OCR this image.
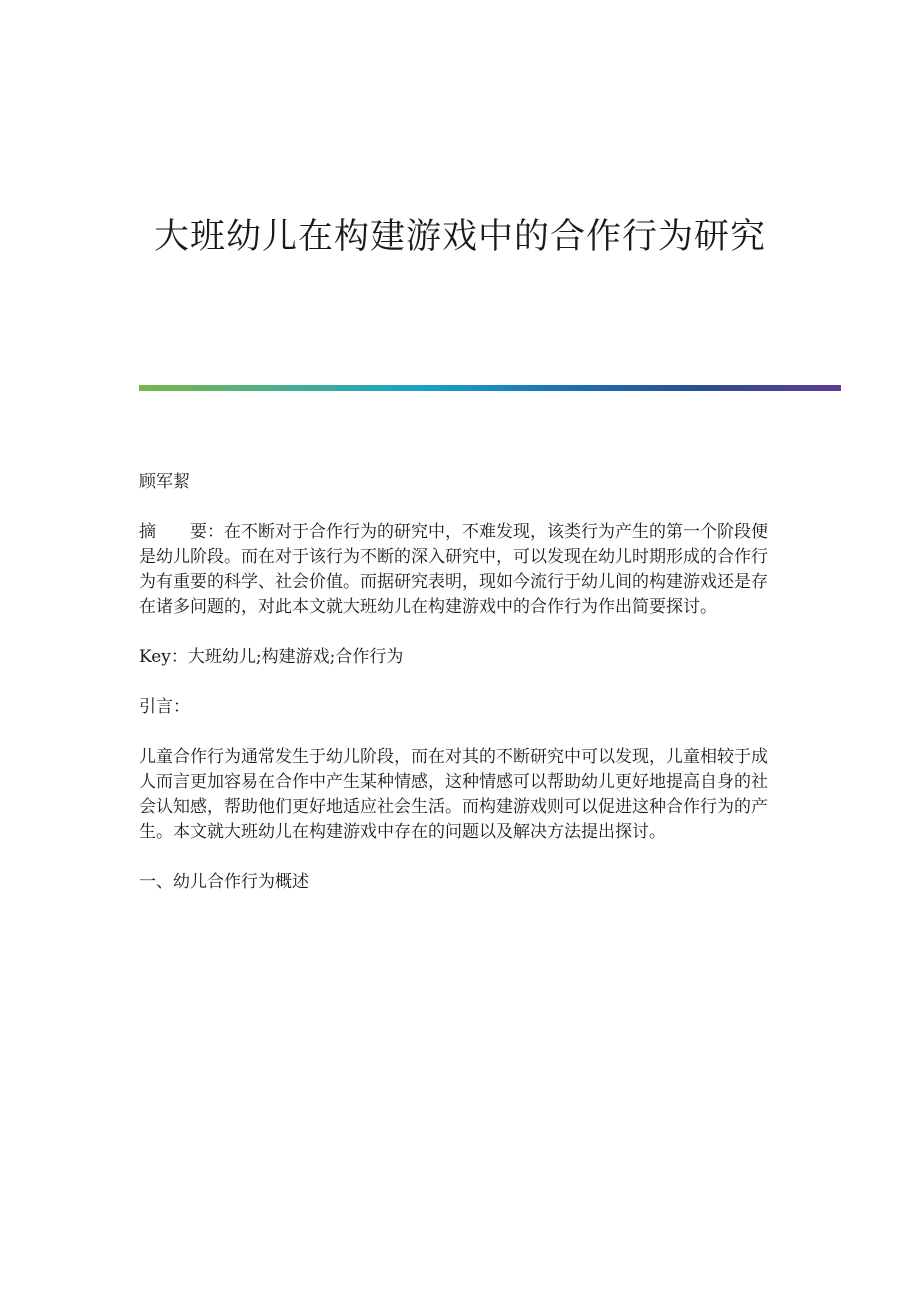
大班幼儿在构建游戏中的合作行为研究

顾军絜

摘　　要：在不断对于合作行为的研究中，不难发现，该类行为产生的第一个阶段便是幼儿阶段。而在对于该行为不断的深入研究中，可以发现在幼儿时期形成的合作行为有重要的科学、社会价值。而据研究表明，现如今流行于幼儿间的构建游戏还是存在诸多问题的，对此本文就大班幼儿在构建游戏中的合作行为作出简要探讨。

Key：大班幼儿;构建游戏;合作行为

引言：

儿童合作行为通常发生于幼儿阶段，而在对其的不断研究中可以发现，儿童相较于成人而言更加容易在合作中产生某种情感，这种情感可以帮助幼儿更好地提高自身的社会认知感，帮助他们更好地适应社会生活。而构建游戏则可以促进这种合作行为的产生。本文就大班幼儿在构建游戏中存在的问题以及解决方法提出探讨。

一、幼儿合作行为概述
